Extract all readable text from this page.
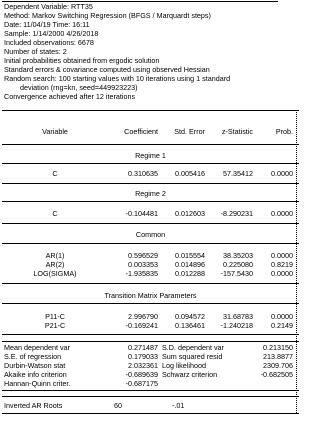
Dependent Variable: RTT35
Method: Markov Switching Regression (BFGS / Marquardt steps)
Date: 11/04/19 Time: 16:11
Sample: 1/14/2000 4/26/2018
Included observations: 6678
Number of states: 2
Initial probabilities obtained from ergodic solution
Standard errors & covariance computed using observed Hessian
Random search: 100 starting values with 10 iterations using 1 standard
deviation (rng=kn, seed=449923223)
Convergence achieved after 12 iterations
Variable	Coefficient	Std. Error	z-Statistic	Prob.
Regime 1
C	0.310635	0.005416	57.35412	0.0000
Regime 2
C	-0.104481	0.012603	-8.290231	0.0000
Common
AR(1)	0.596529	0.015554	38.35203	0.0000
AR(2)	0.003353	0.014896	0.225080	0.8219
LOG(SIGMA)	-1.935835	0.012288	-157.5430	0.0000
Transition Matrix Parameters
P11-C	2.996790	0.094572	31.68783	0.0000
P21-C	-0.169241	0.136461	-1.240218	0.2149
Mean dependent var	0.271487 S.D. dependent var	0.213150
S.E. of regression	0.179033 Sum squared resid	213.8877
Durbin-Watson stat	2.032361 Log likelihood	2309.706
Akaike info criterion	-0.689639 Schwarz criterion	-0.682505
Hannan-Quinn criter.	-0.687175
Inverted AR Roots	60	-.01
